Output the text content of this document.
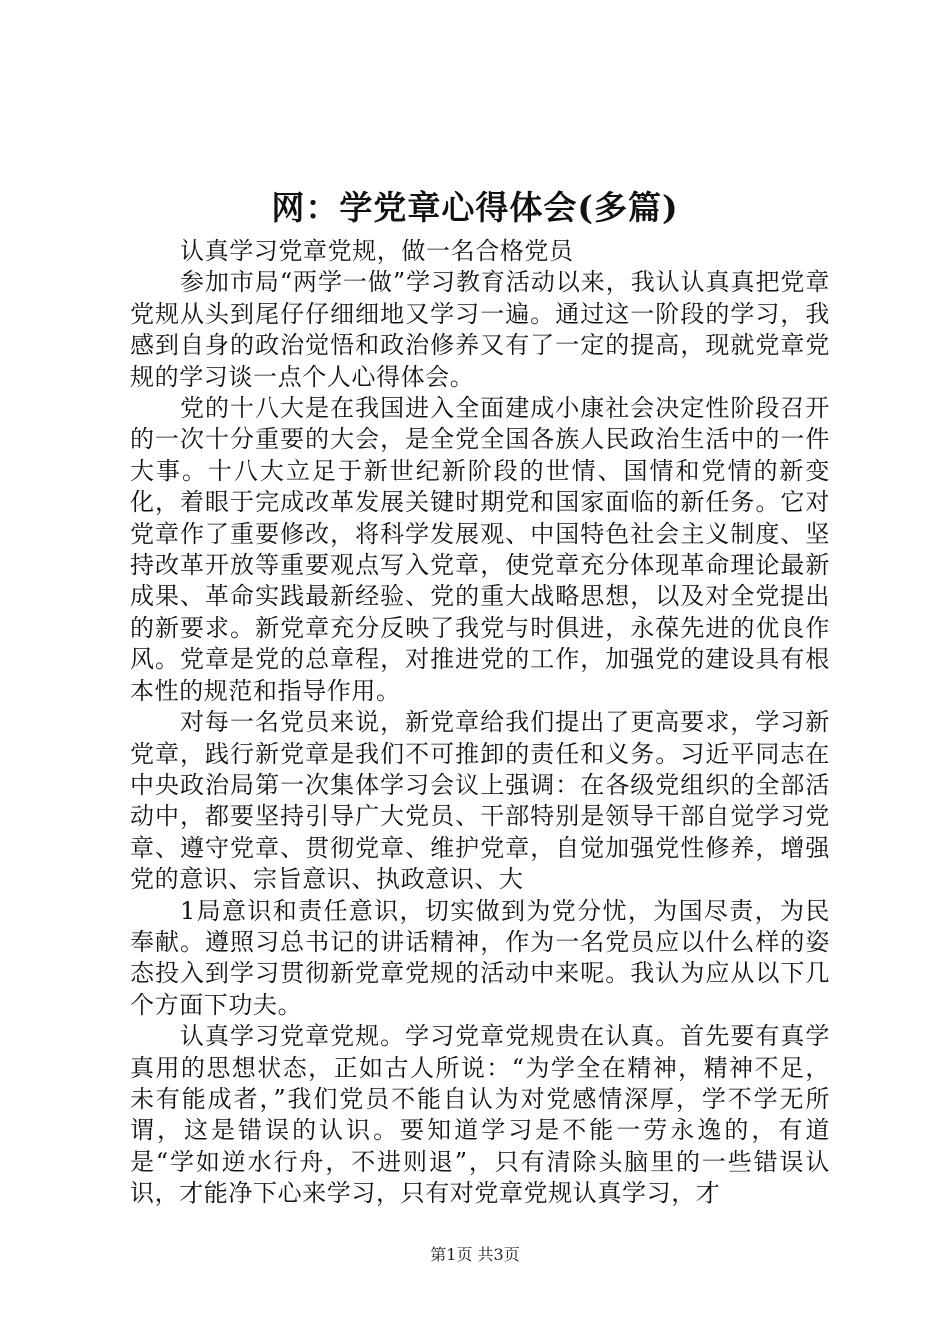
网：学党章心得体会(多篇)

认真学习党章党规，做一名合格党员

参加市局“两学一做”学习教育活动以来，我认认真真把党章党规从头到尾仔仔细细地又学习一遍。通过这一阶段的学习，我感到自身的政治觉悟和政治修养又有了一定的提高，现就党章党规的学习谈一点个人心得体会。

党的十八大是在我国进入全面建成小康社会决定性阶段召开的一次十分重要的大会，是全党全国各族人民政治生活中的一件大事。十八大立足于新世纪新阶段的世情、国情和党情的新变化，着眼于完成改革发展关键时期党和国家面临的新任务。它对党章作了重要修改，将科学发展观、中国特色社会主义制度、坚持改革开放等重要观点写入党章，使党章充分体现革命理论最新成果、革命实践最新经验、党的重大战略思想，以及对全党提出的新要求。新党章充分反映了我党与时俱进，永葆先进的优良作风。党章是党的总章程，对推进党的工作，加强党的建设具有根本性的规范和指导作用。

对每一名党员来说，新党章给我们提出了更高要求，学习新党章，践行新党章是我们不可推卸的责任和义务。习近平同志在中央政治局第一次集体学习会议上强调：在各级党组织的全部活动中，都要坚持引导广大党员、干部特别是领导干部自觉学习党章、遵守党章、贯彻党章、维护党章，自觉加强党性修养，增强党的意识、宗旨意识、执政意识、大

1局意识和责任意识，切实做到为党分忧，为国尽责，为民奉献。遵照习总书记的讲话精神，作为一名党员应以什么样的姿态投入到学习贯彻新党章党规的活动中来呢。我认为应从以下几个方面下功夫。

认真学习党章党规。学习党章党规贵在认真。首先要有真学真用的思想状态，正如古人所说：“为学全在精神，精神不足，未有能成者，”我们党员不能自认为对党感情深厚，学不学无所谓，这是错误的认识。要知道学习是不能一劳永逸的，有道是“学如逆水行舟，不进则退”，只有清除头脑里的一些错误认识，才能净下心来学习，只有对党章党规认真学习，才

第1页 共3页
